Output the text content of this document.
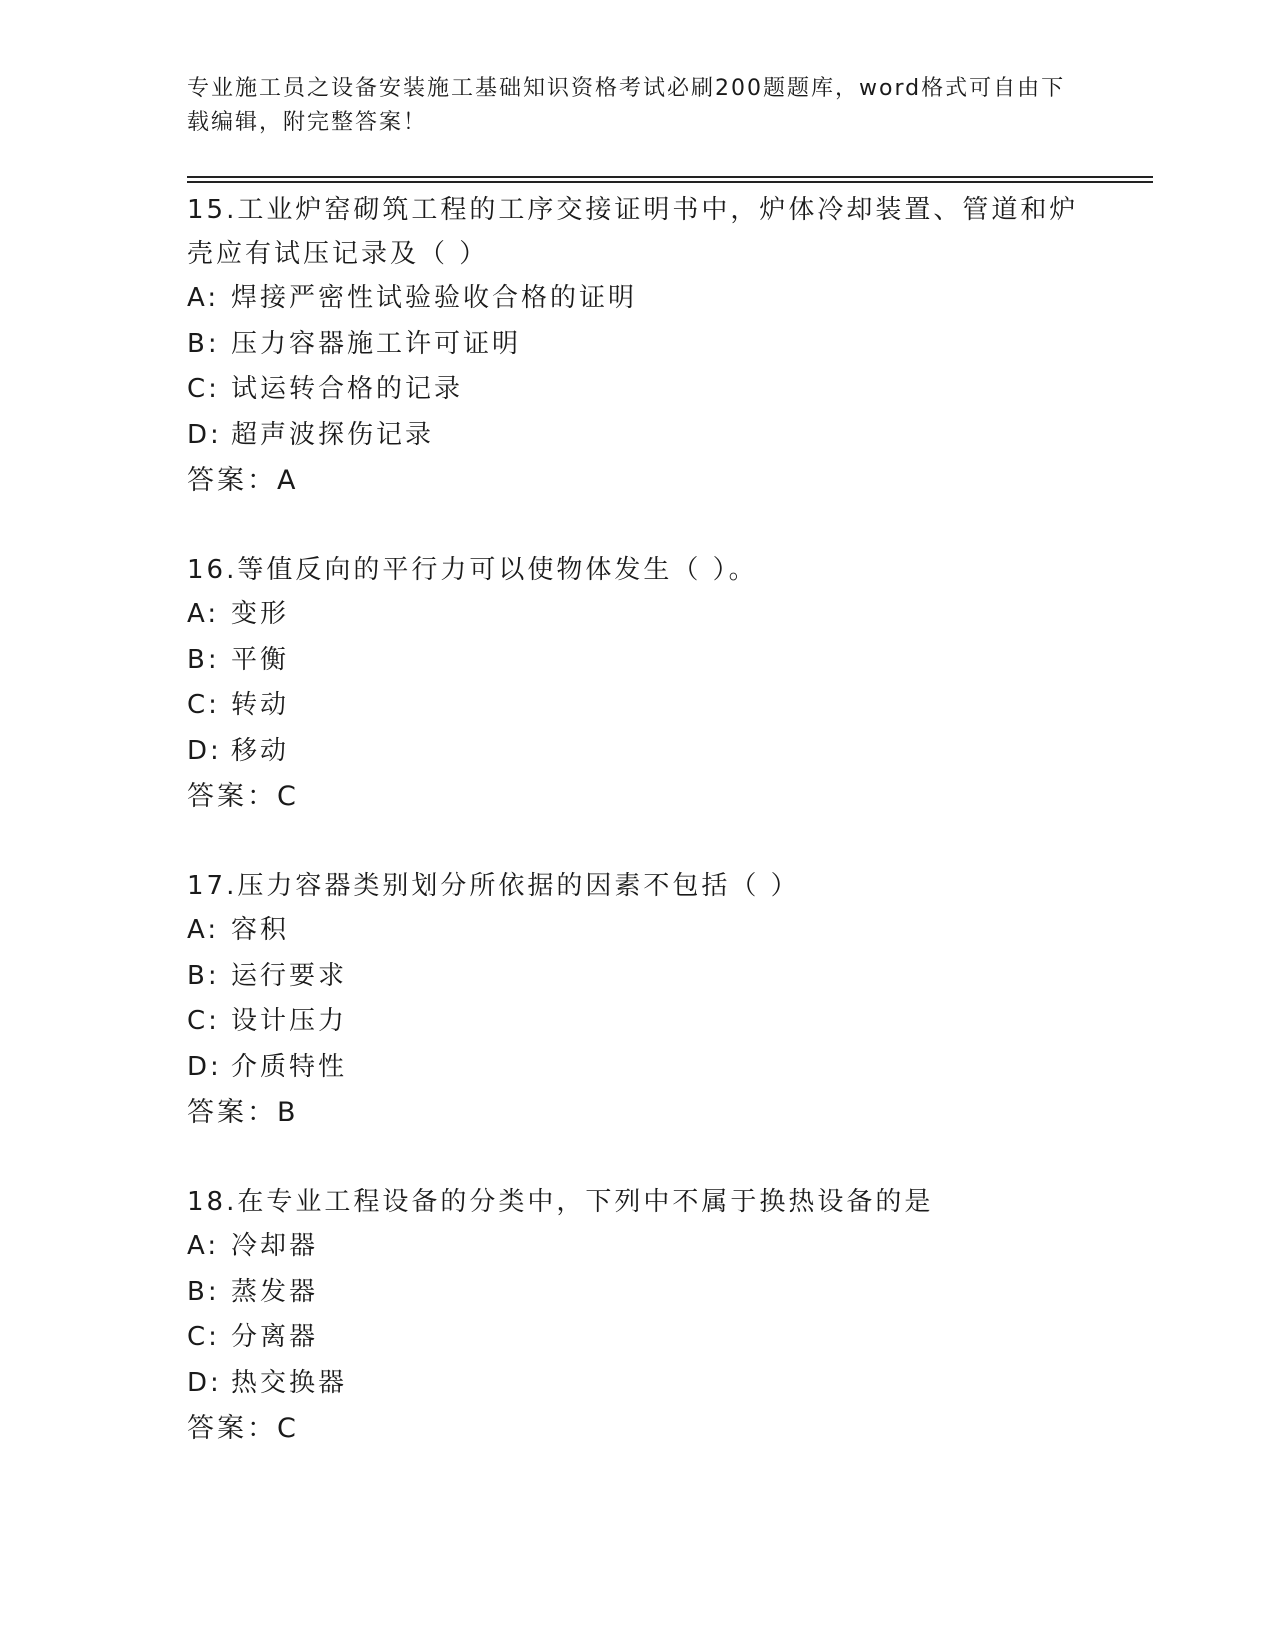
专业施工员之设备安装施工基础知识资格考试必刷200题题库，word格式可自由下载编辑，附完整答案！
15.工业炉窑砌筑工程的工序交接证明书中，炉体冷却装置、管道和炉壳应有试压记录及（ ）
A: 焊接严密性试验验收合格的证明
B: 压力容器施工许可证明
C: 试运转合格的记录
D: 超声波探伤记录
答案：A
16.等值反向的平行力可以使物体发生（ ）。
A: 变形
B: 平衡
C: 转动
D: 移动
答案：C
17.压力容器类别划分所依据的因素不包括（ ）
A: 容积
B: 运行要求
C: 设计压力
D: 介质特性
答案：B
18.在专业工程设备的分类中，下列中不属于换热设备的是
A: 冷却器
B: 蒸发器
C: 分离器
D: 热交换器
答案：C
